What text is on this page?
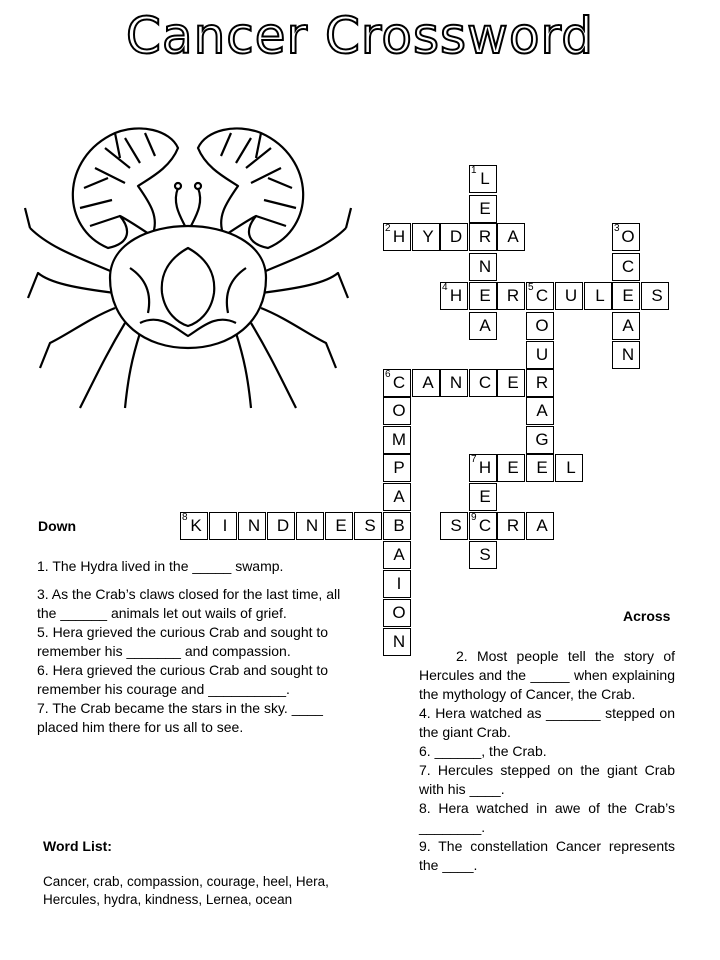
Cancer Crossword
1 L
E
2 H	Y D R A	3 O
N	C
4 H	E R 5 C U	L	E	S
A	O	A
U	N
6 C	A N C E	R
O	A
M	G
P	7 H E	E	L
A	E
8 K	I	N D N	E	S	S 9 C R	A
B
S
A
I
O
N
Down

1. The Hydra lived in the _____ swamp.

3. As the Crab’s claws closed for the last time, all the ______ animals let out wails of grief.

5. Hera grieved the curious Crab and sought to remember his _______ and compassion.

6. Hera grieved the curious Crab and sought to remember his courage and __________.

7. The Crab became the stars in the sky. ____ placed him there for us all to see.

Across

2. Most people tell the story of Hercules and the _____ when explaining the mythology of Cancer, the Crab.

4. Hera watched as _______ stepped on the giant Crab.

6. ______, the Crab.

7. Hercules stepped on the giant Crab with his ____.

8. Hera watched in awe of the Crab’s ________.

9. The constellation Cancer represents the ____.

Word List:
Cancer, crab, compassion, courage, heel, Hera, Hercules, hydra, kindness, Lernea, ocean
